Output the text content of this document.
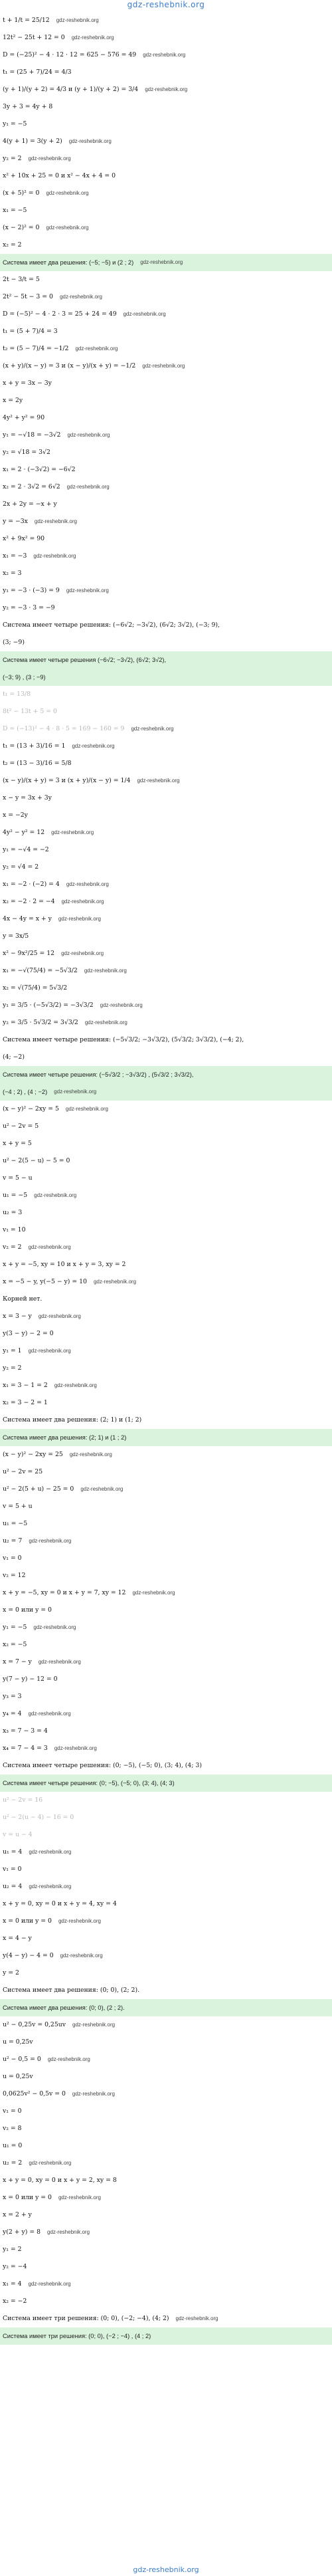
gdz-reshebnik.org
t + 1/t = 25/12 gdz-reshebnik.org
12t² − 25t + 12 = 0 gdz-reshebnik.org
D = (−25)² − 4 · 12 · 12 = 625 − 576 = 49 gdz-reshebnik.org
t₁ = (25 + 7)/24 = 4/3
(y + 1)/(y + 2) = 4/3 и (y + 1)/(y + 2) = 3/4 gdz-reshebnik.org
3y + 3 = 4y + 8
y₁ = −5
4(y + 1) = 3(y + 2) gdz-reshebnik.org
y₂ = 2 gdz-reshebnik.org
x² + 10x + 25 = 0 и x² − 4x + 4 = 0
(x + 5)² = 0 gdz-reshebnik.org
x₁ = −5
(x − 2)² = 0 gdz-reshebnik.org
x₂ = 2
Система имеет два решения: (−5; −5) и (2 ; 2) gdz-reshebnik.org
2t − 3/t = 5
2t² − 5t − 3 = 0 gdz-reshebnik.org
D = (−5)² − 4 · 2 · 3 = 25 + 24 = 49 gdz-reshebnik.org
t₁ = (5 + 7)/4 = 3
t₂ = (5 − 7)/4 = −1/2 gdz-reshebnik.org
(x + y)/(x − y) = 3 и (x − y)/(x + y) = −1/2 gdz-reshebnik.org
x + y = 3x − 3y
x = 2y
4y² + y² = 90
y₁ = −√18 = −3√2 gdz-reshebnik.org
y₂ = √18 = 3√2
x₁ = 2 · (−3√2) = −6√2
x₂ = 2 · 3√2 = 6√2 gdz-reshebnik.org
2x + 2y = −x + y
y = −3x gdz-reshebnik.org
x² + 9x² = 90
x₁ = −3 gdz-reshebnik.org
x₂ = 3
y₁ = −3 · (−3) = 9 gdz-reshebnik.org
y₂ = −3 · 3 = −9
Система имеет четыре решения: (−6√2; −3√2), (6√2; 3√2), (−3; 9),
(3; −9)
Система имеет четыре решения (−6√2; −3√2), (6√2; 3√2),
(−3; 9) , (3 ; −9)
t₁ = 13/8
8t² − 13t + 5 = 0
D = (−13)² − 4 · 8 · 5 = 169 − 160 = 9 gdz-reshebnik.org
t₁ = (13 + 3)/16 = 1 gdz-reshebnik.org
t₂ = (13 − 3)/16 = 5/8
(x − y)/(x + y) = 3 и (x + y)/(x − y) = 1/4 gdz-reshebnik.org
x − y = 3x + 3y
x = −2y
4y² − y² = 12 gdz-reshebnik.org
y₁ = −√4 = −2
y₂ = √4 = 2
x₁ = −2 · (−2) = 4 gdz-reshebnik.org
x₂ = −2 · 2 = −4 gdz-reshebnik.org
4x − 4y = x + y gdz-reshebnik.org
y = 3x/5
x² − 9x²/25 = 12 gdz-reshebnik.org
x₁ = −√(75/4) = −5√3/2 gdz-reshebnik.org
x₂ = √(75/4) = 5√3/2
y₁ = 3/5 · (−5√3/2) = −3√3/2 gdz-reshebnik.org
y₂ = 3/5 · 5√3/2 = 3√3/2 gdz-reshebnik.org
Система имеет четыре решения: (−5√3/2; −3√3/2), (5√3/2; 3√3/2), (−4; 2),
(4; −2)
Система имеет четыре решения: (−5√3/2 ; −3√3/2) , (5√3/2 ; 3√3/2),
(−4 ; 2) , (4 ; −2) gdz-reshebnik.org
(x − y)² − 2xy = 5 gdz-reshebnik.org
u² − 2v = 5
x + y = 5
u² − 2(5 − u) − 5 = 0
v = 5 − u
u₁ = −5 gdz-reshebnik.org
u₂ = 3
v₁ = 10
v₂ = 2 gdz-reshebnik.org
x + y = −5, xy = 10 и x + y = 3, xy = 2
x = −5 − y, y(−5 − y) = 10 gdz-reshebnik.org
Корней нет.
x = 3 − y gdz-reshebnik.org
y(3 − y) − 2 = 0
y₁ = 1 gdz-reshebnik.org
y₂ = 2
x₁ = 3 − 1 = 2 gdz-reshebnik.org
x₂ = 3 − 2 = 1
Система имеет два решения: (2; 1) и (1; 2)
Система имеет два решения: (2; 1) и (1 ; 2)
(x − y)² − 2xy = 25 gdz-reshebnik.org
u² − 2v = 25
u² − 2(5 + u) − 25 = 0 gdz-reshebnik.org
v = 5 + u
u₁ = −5
u₂ = 7 gdz-reshebnik.org
v₁ = 0
v₂ = 12
x + y = −5, xy = 0 и x + y = 7, xy = 12 gdz-reshebnik.org
x = 0 или y = 0
y₁ = −5 gdz-reshebnik.org
x₂ = −5
x = 7 − y gdz-reshebnik.org
y(7 − y) − 12 = 0
y₃ = 3
y₄ = 4 gdz-reshebnik.org
x₃ = 7 − 3 = 4
x₄ = 7 − 4 = 3 gdz-reshebnik.org
Система имеет четыре решения: (0; −5), (−5; 0), (3; 4), (4; 3)
Система имеет четыре решения: (0; −5), (−5; 0), (3; 4), (4; 3)
u² − 2v = 16
u² − 2(u − 4) − 16 = 0
v = u − 4
u₁ = 4 gdz-reshebnik.org
v₁ = 0
u₂ = 4 gdz-reshebnik.org
x + y = 0, xy = 0 и x + y = 4, xy = 4
x = 0 или y = 0 gdz-reshebnik.org
x = 4 − y
y(4 − y) − 4 = 0 gdz-reshebnik.org
y = 2
Система имеет два решения: (0; 0), (2; 2).
Система имеет два решения: (0; 0), (2 ; 2).
u² − 0,25v = 0,25uv gdz-reshebnik.org
u = 0,25v
u² − 0,5 = 0 gdz-reshebnik.org
u = 0,25v
0,0625v² − 0,5v = 0 gdz-reshebnik.org
v₁ = 0
v₂ = 8
u₁ = 0
u₂ = 2 gdz-reshebnik.org
x + y = 0, xy = 0 и x + y = 2, xy = 8
x = 0 или y = 0 gdz-reshebnik.org
x = 2 + y
y(2 + y) = 8 gdz-reshebnik.org
y₁ = 2
y₂ = −4
x₁ = 4 gdz-reshebnik.org
x₂ = −2
Система имеет три решения: (0; 0), (−2; −4), (4; 2) gdz-reshebnik.org
Система имеет три решения: (0; 0), (−2 ; −4) , (4 ; 2)
gdz-reshebnik.org
